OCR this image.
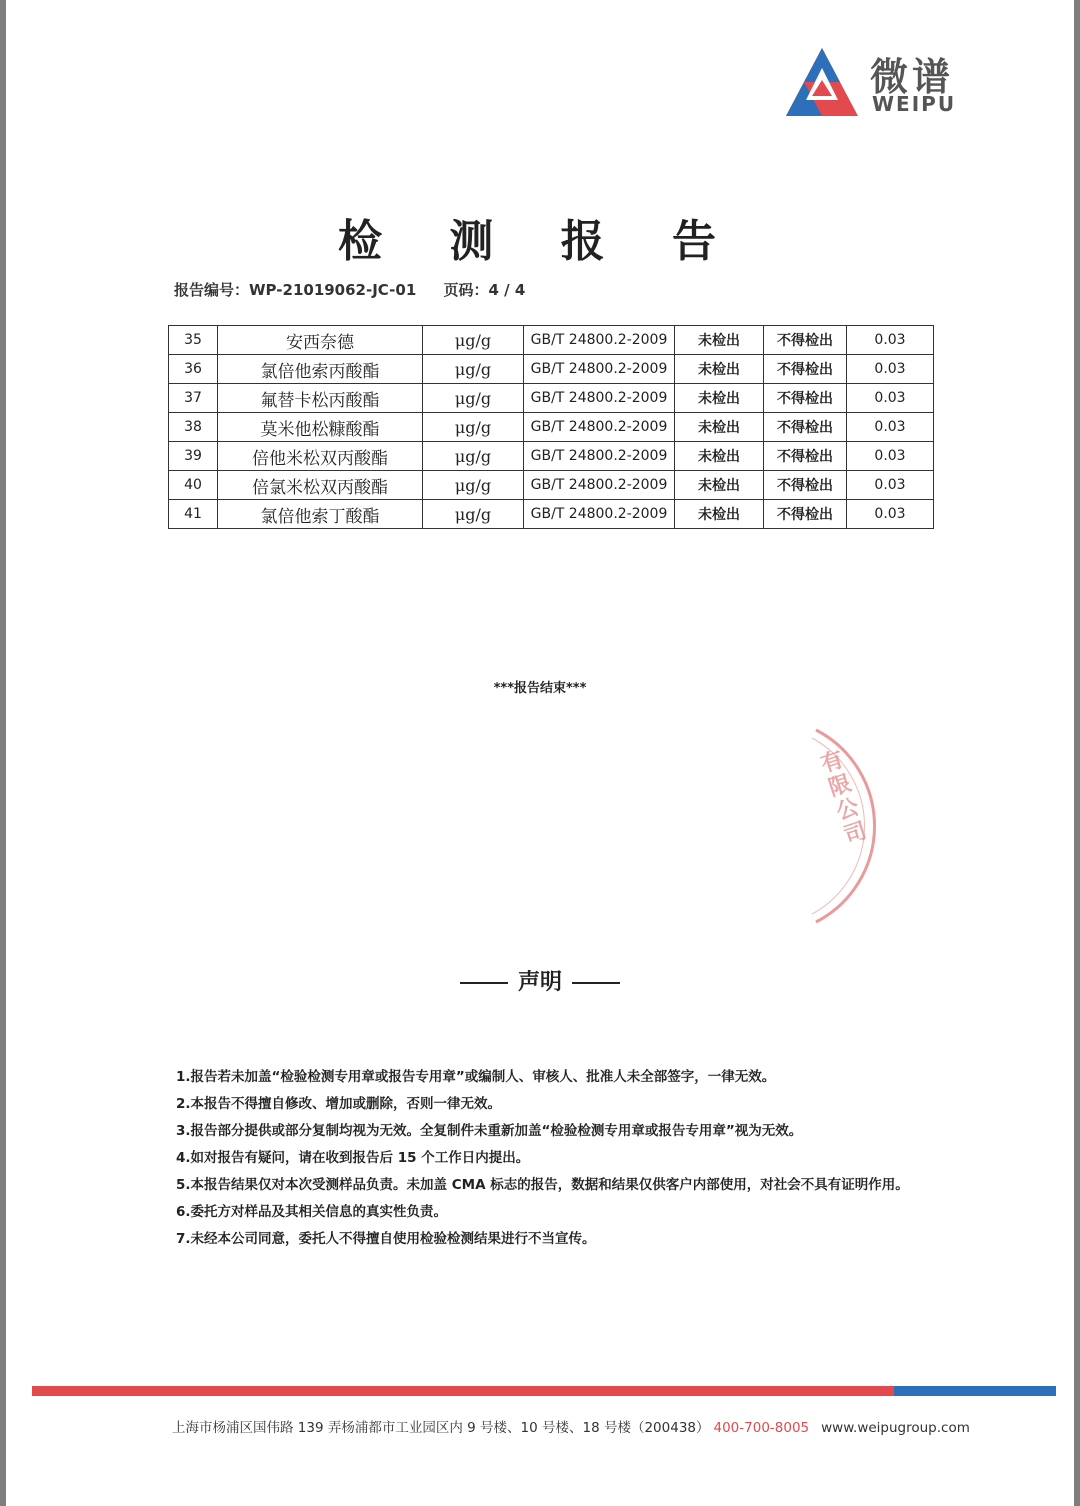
微谱
WEIPU
检 测 报 告
报告编号：WP-21019062-JC-01 页码：4 / 4
35	安西奈德	μg/g	GB/T 24800.2-2009	未检出	不得检出	0.03
36	氯倍他索丙酸酯	μg/g	GB/T 24800.2-2009	未检出	不得检出	0.03
37	氟替卡松丙酸酯	μg/g	GB/T 24800.2-2009	未检出	不得检出	0.03
38	莫米他松糠酸酯	μg/g	GB/T 24800.2-2009	未检出	不得检出	0.03
39	倍他米松双丙酸酯	μg/g	GB/T 24800.2-2009	未检出	不得检出	0.03
40	倍氯米松双丙酸酯	μg/g	GB/T 24800.2-2009	未检出	不得检出	0.03
41	氯倍他索丁酸酯	μg/g	GB/T 24800.2-2009	未检出	不得检出	0.03
***报告结束***
有限公司
声明

1.报告若未加盖“检验检测专用章或报告专用章”或编制人、审核人、批准人未全部签字，一律无效。

2.本报告不得擅自修改、增加或删除，否则一律无效。

3.报告部分提供或部分复制均视为无效。全复制件未重新加盖“检验检测专用章或报告专用章”视为无效。

4.如对报告有疑问，请在收到报告后 15 个工作日内提出。

5.本报告结果仅对本次受测样品负责。未加盖 CMA 标志的报告，数据和结果仅供客户内部使用，对社会不具有证明作用。

6.委托方对样品及其相关信息的真实性负责。

7.未经本公司同意，委托人不得擅自使用检验检测结果进行不当宣传。

上海市杨浦区国伟路 139 弄杨浦都市工业园区内 9 号楼、10 号楼、18 号楼（200438） 400-700-8005 www.weipugroup.com
